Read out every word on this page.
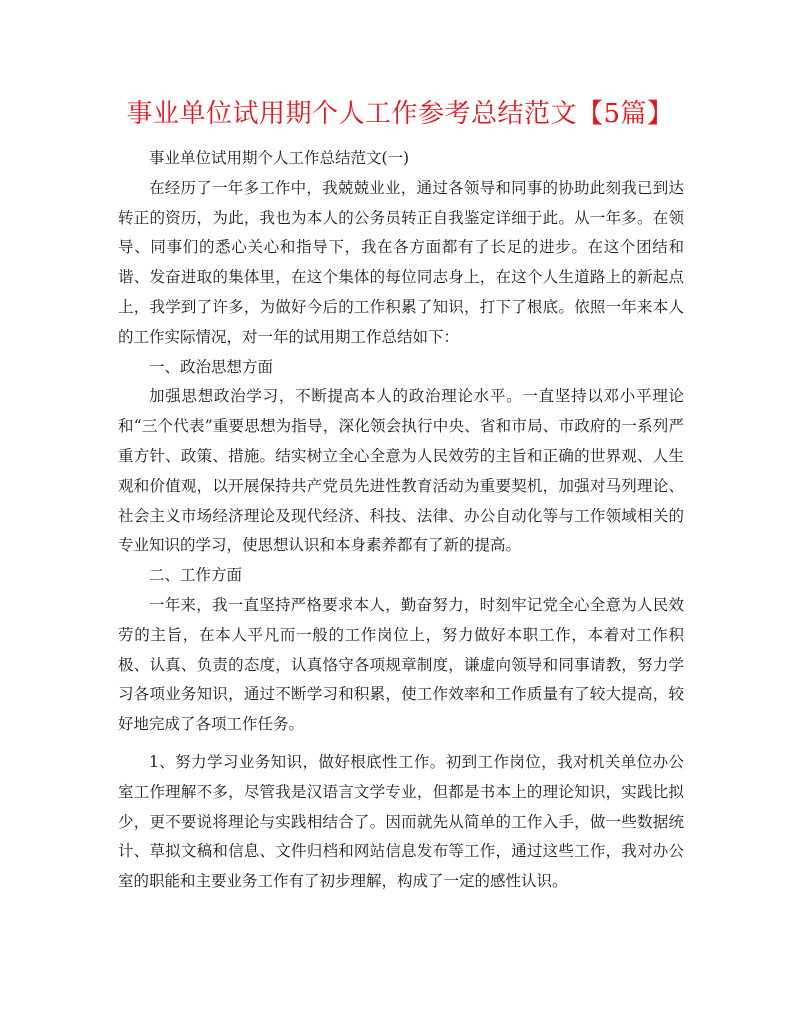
事业单位试用期个人工作参考总结范文【5篇】

事业单位试用期个人工作总结范文(一)

在经历了一年多工作中，我兢兢业业，通过各领导和同事的协助此刻我已到达转正的资历，为此，我也为本人的公务员转正自我鉴定详细于此。从一年多。在领导、同事们的悉心关心和指导下，我在各方面都有了长足的进步。在这个团结和谐、发奋进取的集体里，在这个集体的每位同志身上，在这个人生道路上的新起点上，我学到了许多，为做好今后的工作积累了知识，打下了根底。依照一年来本人的工作实际情况，对一年的试用期工作总结如下：

一、政治思想方面

加强思想政治学习，不断提高本人的政治理论水平。一直坚持以邓小平理论和“三个代表”重要思想为指导，深化领会执行中央、省和市局、市政府的一系列严重方针、政策、措施。结实树立全心全意为人民效劳的主旨和正确的世界观、人生观和价值观，以开展保持共产党员先进性教育活动为重要契机，加强对马列理论、社会主义市场经济理论及现代经济、科技、法律、办公自动化等与工作领域相关的专业知识的学习，使思想认识和本身素养都有了新的提高。

二、工作方面

一年来，我一直坚持严格要求本人，勤奋努力，时刻牢记党全心全意为人民效劳的主旨，在本人平凡而一般的工作岗位上，努力做好本职工作，本着对工作积极、认真、负责的态度，认真恪守各项规章制度，谦虚向领导和同事请教，努力学习各项业务知识，通过不断学习和积累，使工作效率和工作质量有了较大提高，较好地完成了各项工作任务。

1、努力学习业务知识，做好根底性工作。初到工作岗位，我对机关单位办公室工作理解不多，尽管我是汉语言文学专业，但都是书本上的理论知识，实践比拟少，更不要说将理论与实践相结合了。因而就先从简单的工作入手，做一些数据统计、草拟文稿和信息、文件归档和网站信息发布等工作，通过这些工作，我对办公室的职能和主要业务工作有了初步理解，构成了一定的感性认识。
